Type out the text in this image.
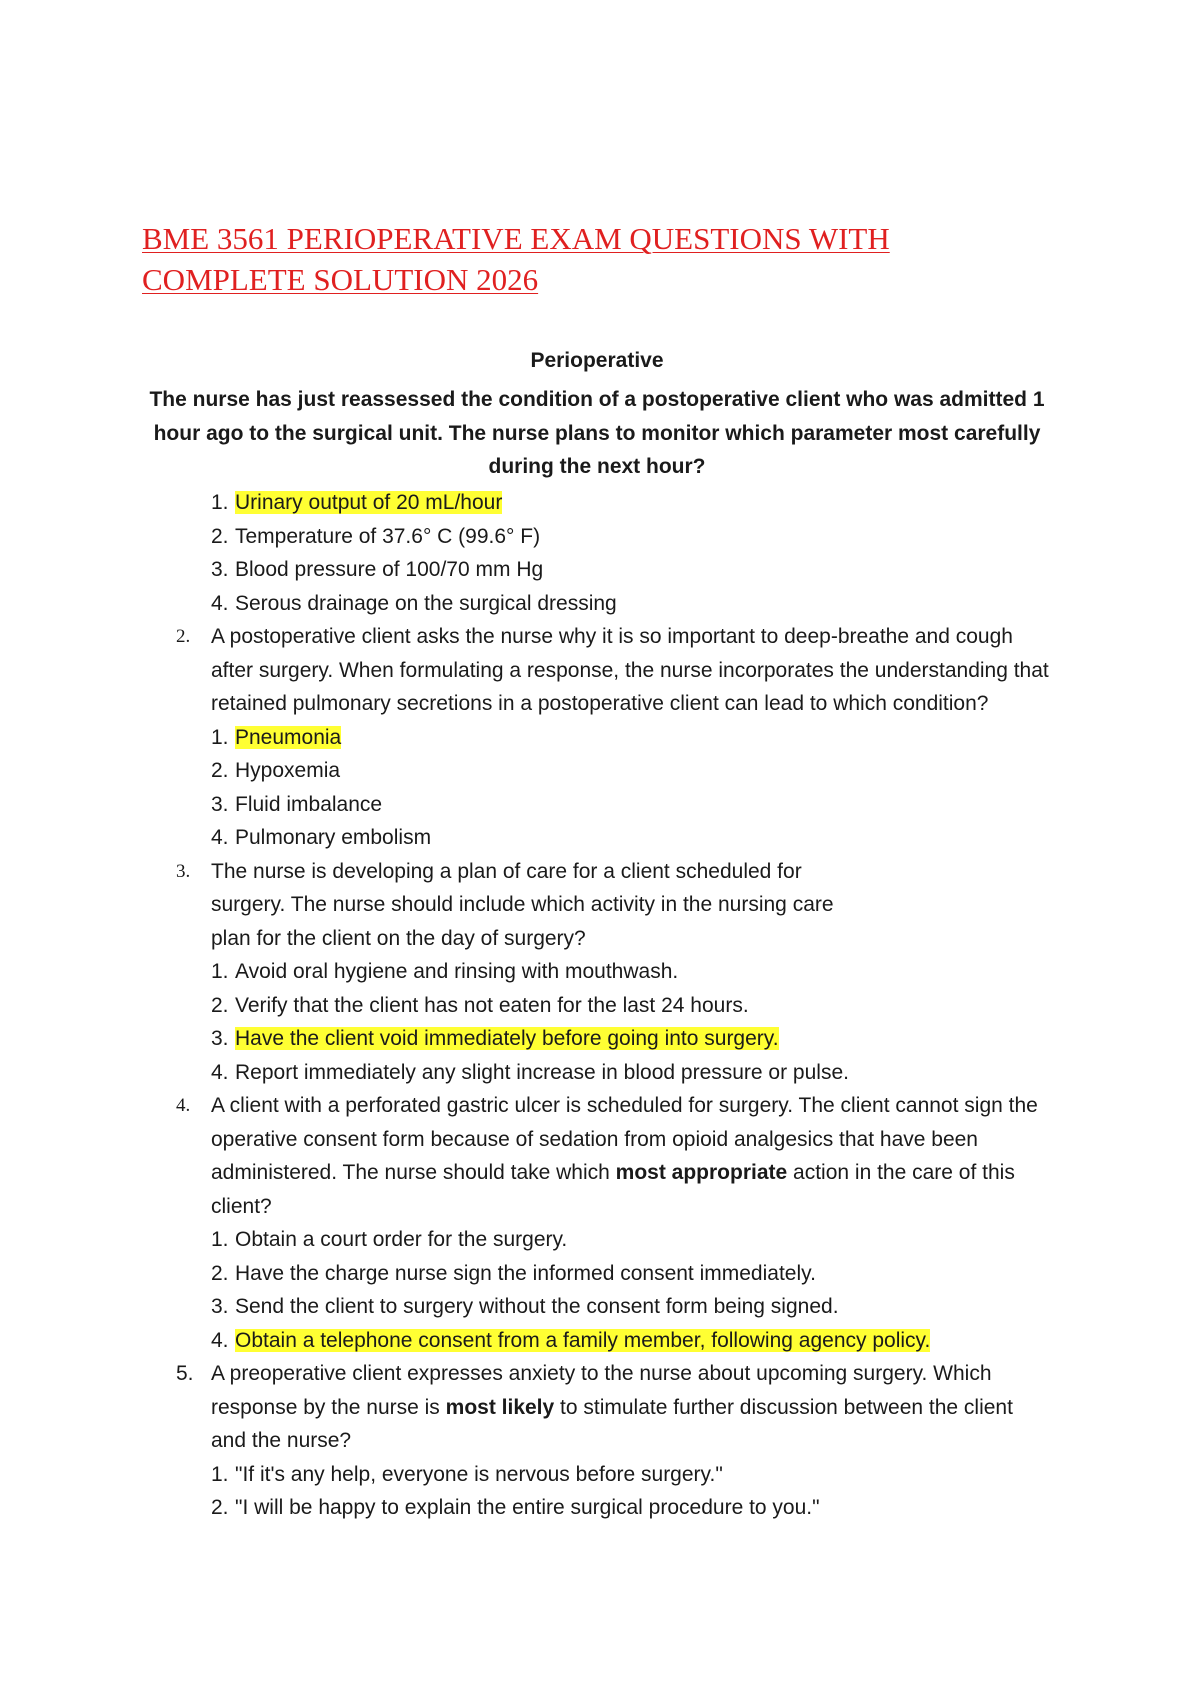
BME 3561 PERIOPERATIVE EXAM QUESTIONS WITH
COMPLETE SOLUTION 2026
Perioperative
The nurse has just reassessed the condition of a postoperative client who was admitted 1 hour ago to the surgical unit. The nurse plans to monitor which parameter most carefully during the next hour?
1. Urinary output of 20 mL/hour
2. Temperature of 37.6° C (99.6° F)
3. Blood pressure of 100/70 mm Hg
4. Serous drainage on the surgical dressing
2. A postoperative client asks the nurse why it is so important to deep-breathe and cough after surgery. When formulating a response, the nurse incorporates the understanding that retained pulmonary secretions in a postoperative client can lead to which condition?
1. Pneumonia
2. Hypoxemia
3. Fluid imbalance
4. Pulmonary embolism
3. The nurse is developing a plan of care for a client scheduled for
surgery. The nurse should include which activity in the nursing care
plan for the client on the day of surgery?
1. Avoid oral hygiene and rinsing with mouthwash.
2. Verify that the client has not eaten for the last 24 hours.
3. Have the client void immediately before going into surgery.
4. Report immediately any slight increase in blood pressure or pulse.
4. A client with a perforated gastric ulcer is scheduled for surgery. The client cannot sign the operative consent form because of sedation from opioid analgesics that have been administered. The nurse should take which most appropriate action in the care of this client?
1. Obtain a court order for the surgery.
2. Have the charge nurse sign the informed consent immediately.
3. Send the client to surgery without the consent form being signed.
4. Obtain a telephone consent from a family member, following agency policy.
5. A preoperative client expresses anxiety to the nurse about upcoming surgery. Which response by the nurse is most likely to stimulate further discussion between the client and the nurse?
1. "If it's any help, everyone is nervous before surgery."
2. "I will be happy to explain the entire surgical procedure to you."
